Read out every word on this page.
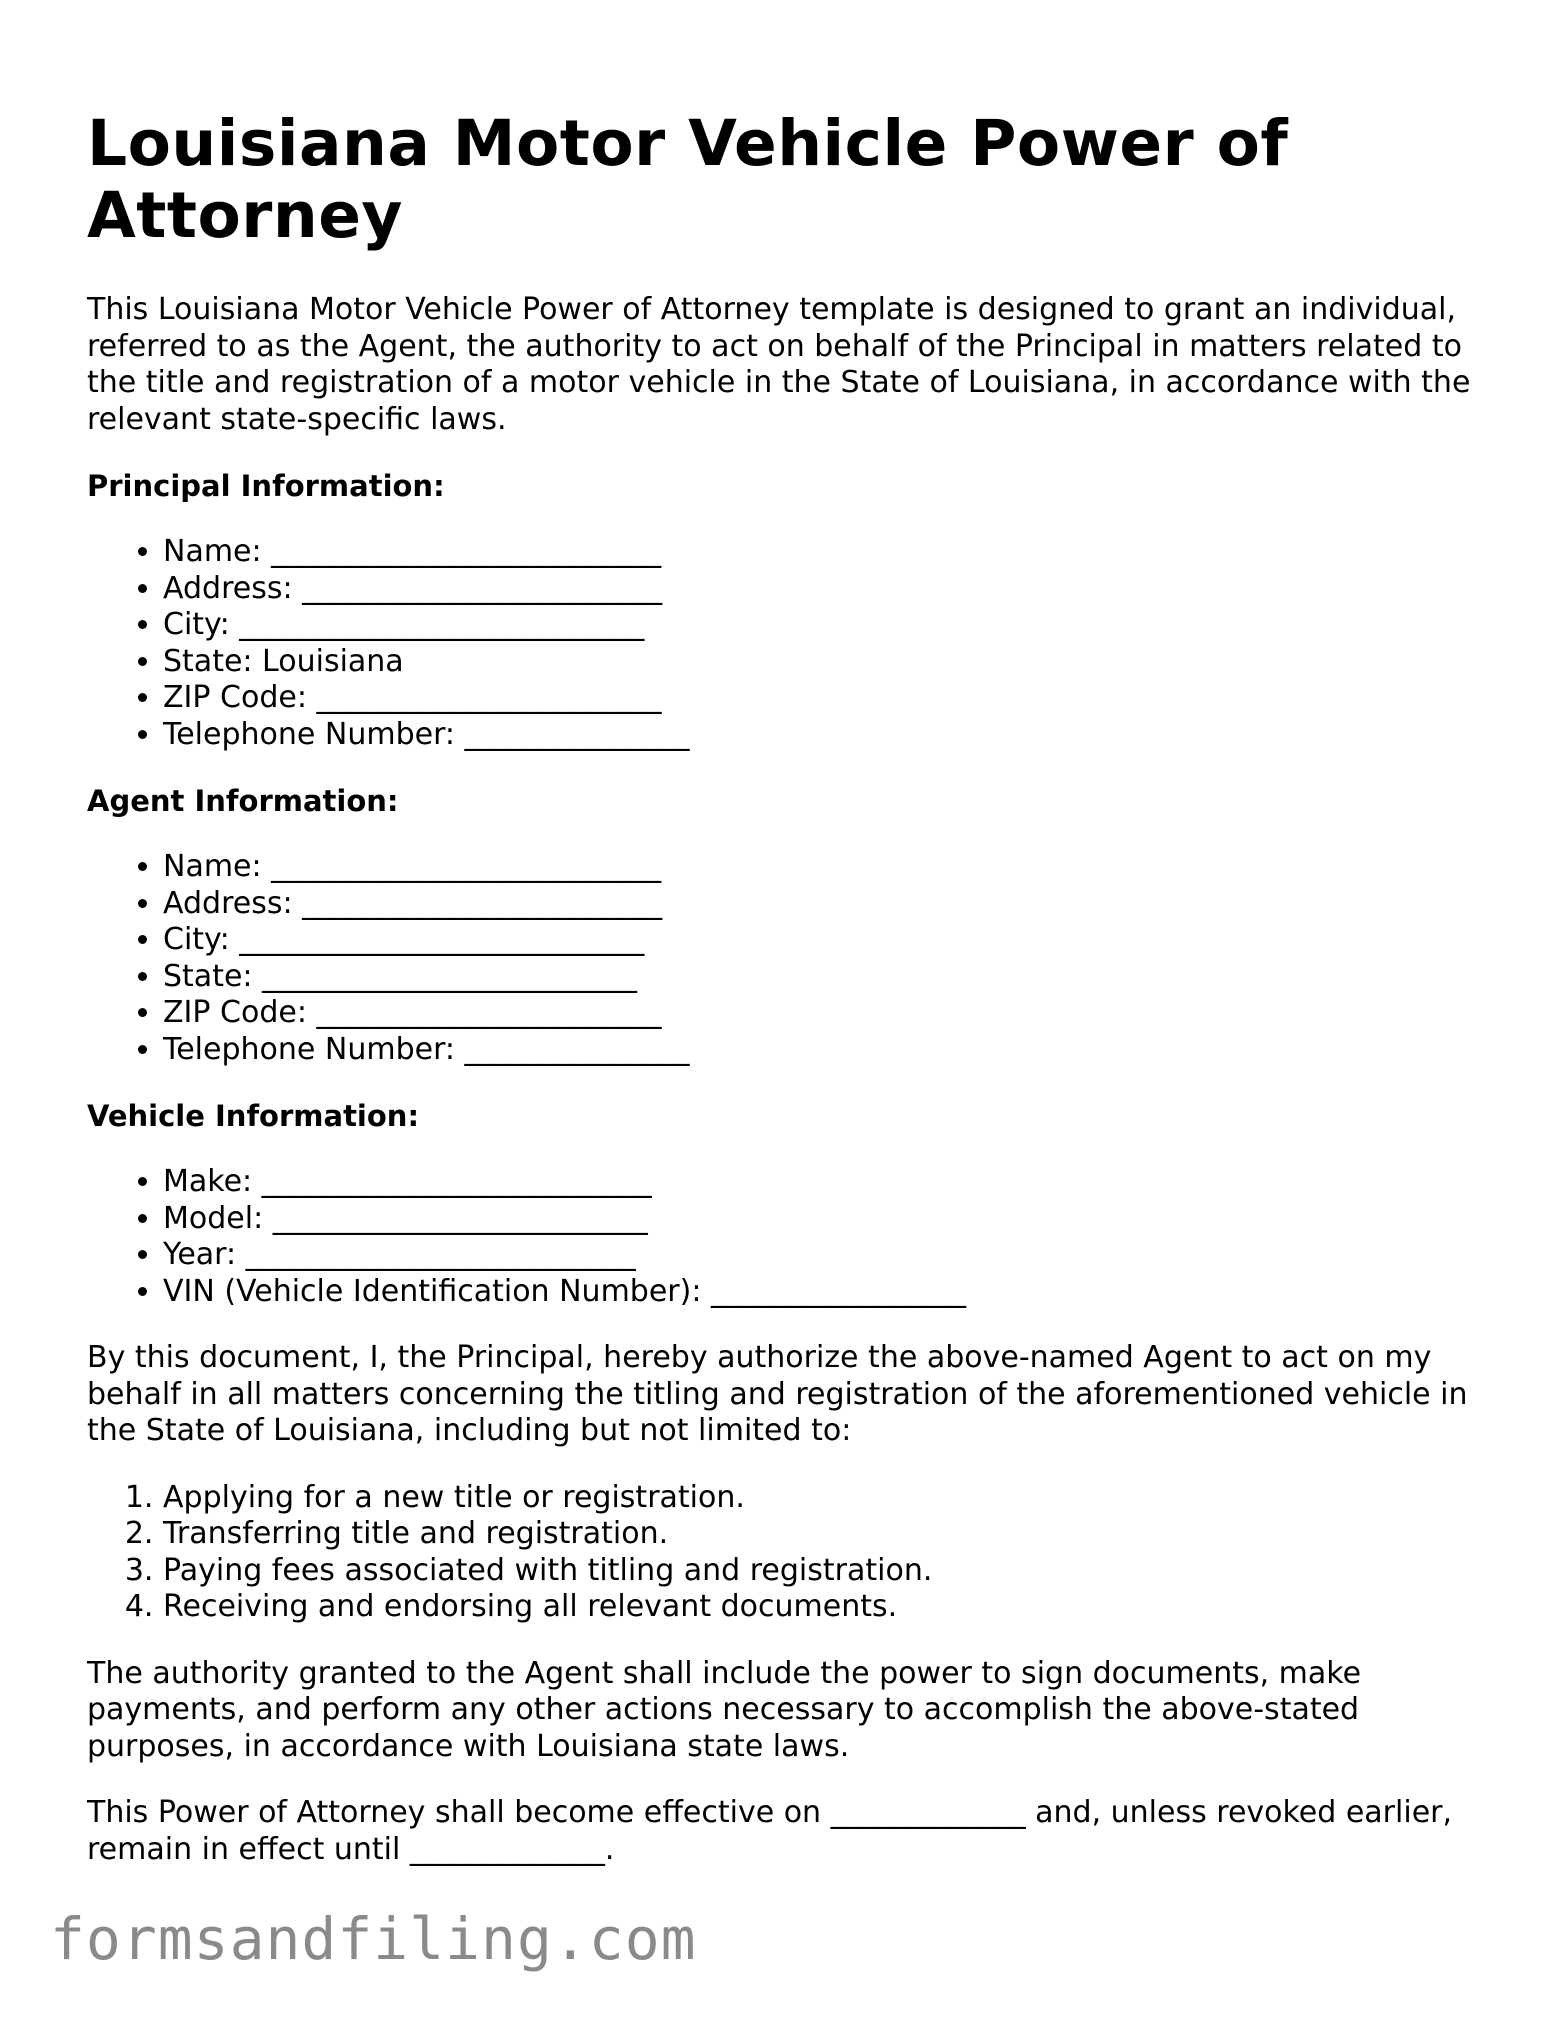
Louisiana Motor Vehicle Power of Attorney

This Louisiana Motor Vehicle Power of Attorney template is designed to grant an individual, referred to as the Agent, the authority to act on behalf of the Principal in matters related to the title and registration of a motor vehicle in the State of Louisiana, in accordance with the relevant state-specific laws.

Principal Information:
• Name: __________________________
• Address: ________________________
• City: ___________________________
• State: Louisiana
• ZIP Code: _______________________
• Telephone Number: _______________
Agent Information:
• Name: __________________________
• Address: ________________________
• City: ___________________________
• State: _________________________
• ZIP Code: _______________________
• Telephone Number: _______________
Vehicle Information:
• Make: __________________________
• Model: _________________________
• Year: __________________________
• VIN (Vehicle Identification Number): _________________

By this document, I, the Principal, hereby authorize the above-named Agent to act on my behalf in all matters concerning the titling and registration of the aforementioned vehicle in the State of Louisiana, including but not limited to:

1. Applying for a new title or registration.
2. Transferring title and registration.
3. Paying fees associated with titling and registration.
4. Receiving and endorsing all relevant documents.

The authority granted to the Agent shall include the power to sign documents, make payments, and perform any other actions necessary to accomplish the above-stated purposes, in accordance with Louisiana state laws.

This Power of Attorney shall become effective on _____________ and, unless revoked earlier, remain in effect until _____________.

formsandfiling.com
